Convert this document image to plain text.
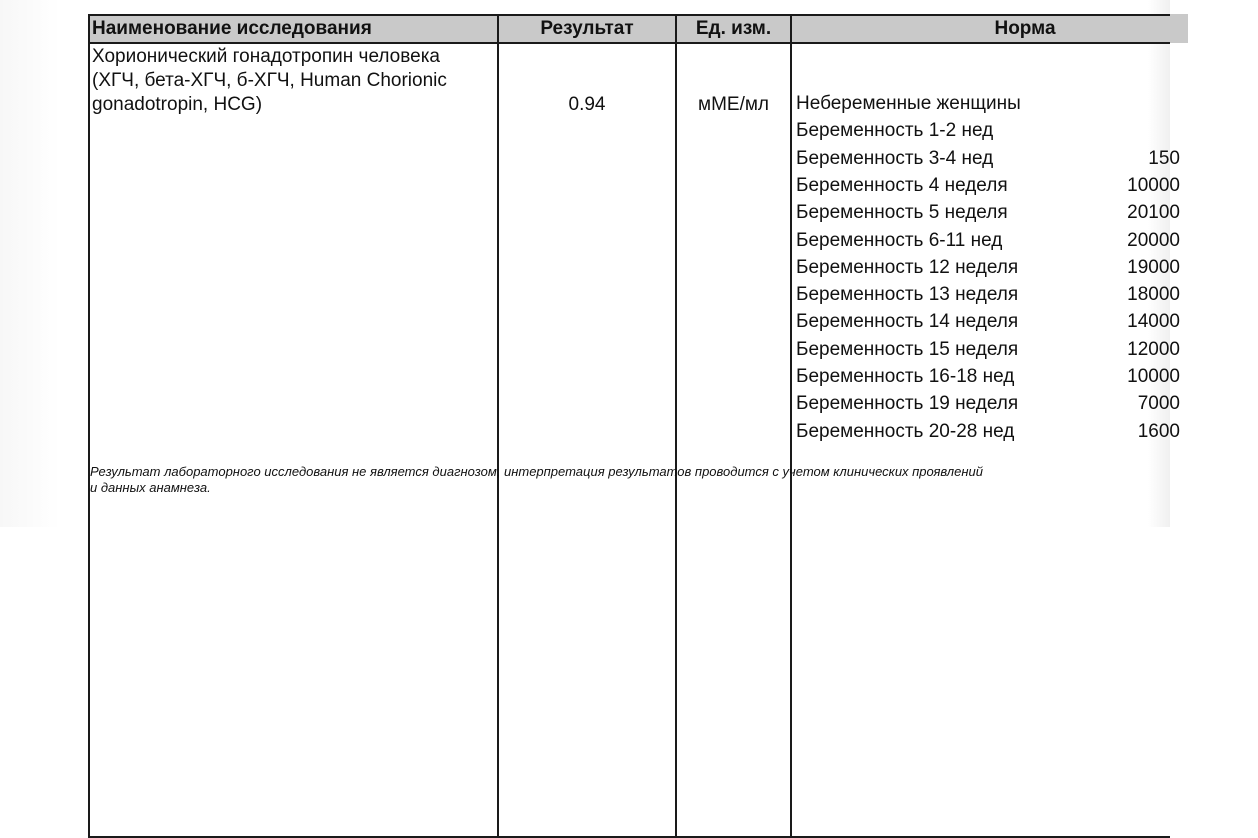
Наименование исследования	Результат	Ед. изм.	Норма
Хорионический гонадотропин человека
(ХГЧ, бета-ХГЧ, б-ХГЧ, Human Chorionic
gonadotropin, HCG)	0.94	мМЕ/мл	Небеременные женщины
Беременность 1-2 нед
Беременность 3-4 нед	150
Беременность 4 неделя	10000
Беременность 5 неделя	20100
Беременность 6-11 нед	20000
Беременность 12 неделя	19000
Беременность 13 неделя	18000
Беременность 14 неделя	14000
Беременность 15 неделя	12000
Беременность 16-18 нед	10000
Беременность 19 неделя	7000
Беременность 20-28 нед	1600
Результат лабораторного исследования не является диагнозом, интерпретация результатов проводится с учетом клинических проявлений
и данных анамнеза.
